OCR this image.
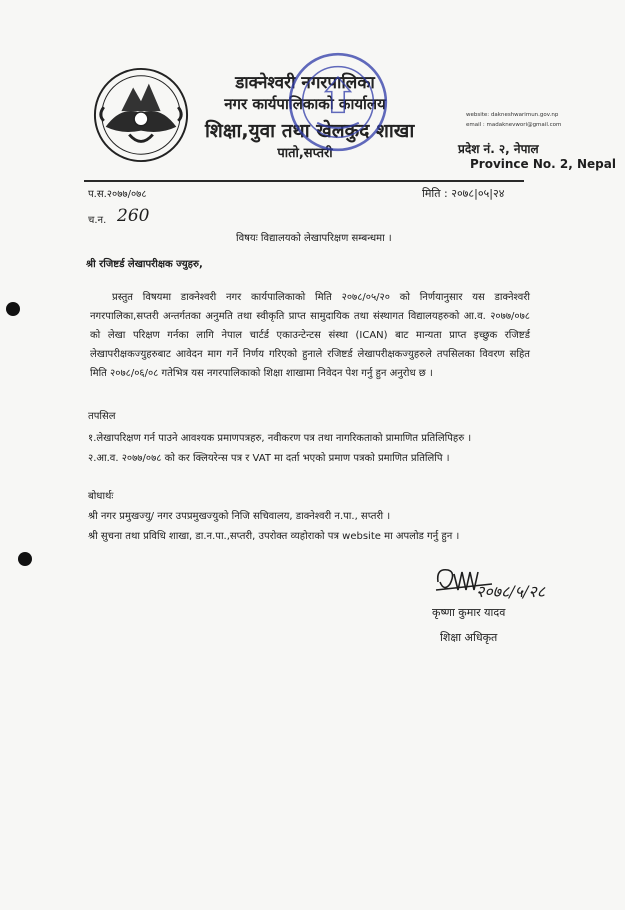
डाक्नेश्वरी नगरपालिका
नगर कार्यपालिकाको कार्यालय
शिक्षा,युवा तथा खेलकुद शाखा
पातो,सप्तरी
website: dakneshwarimun.gov.np
email : madaknevwori@gmail.com
प्रदेश नं. २, नेपाल
Province No. 2, Nepal
प.स.२०७७/०७८	मिति : २०७८|०५|२४
च.न. 260
विषयः विद्यालयको लेखापरिक्षण सम्बन्धमा ।
श्री रजिष्टर्ड लेखापरीक्षक ज्युहरु,

प्रस्तुत विषयमा डाक्नेश्वरी नगर कार्यपालिकाको मिति २०७८/०५/२० को निर्णयानुसार यस डाक्नेश्वरी नगरपालिका,सप्तरी अन्तर्गतका अनुमति तथा स्वीकृति प्राप्त सामुदायिक तथा संस्थागत विद्यालयहरुको आ.व. २०७७/०७८ को लेखा परिक्षण गर्नका लागि नेपाल चार्टर्ड एकाउन्टेन्टस संस्था (ICAN) बाट मान्यता प्राप्त इच्छुक रजिष्टर्ड लेखापरीक्षकज्युहरुबाट आवेदन माग गर्ने निर्णय गरिएको हुनाले रजिष्टर्ड लेखापरीक्षकज्युहरुले तपसिलका विवरण सहित मिति २०७८/०६/०८ गतेभित्र यस नगरपालिकाको शिक्षा शाखामा निवेदन पेश गर्नु हुन अनुरोध छ ।

तपसिल
१.लेखापरिक्षण गर्न पाउने आवश्यक प्रमाणपत्रहरु, नवीकरण पत्र तथा नागरिकताको प्रामाणित प्रतिलिपिहरु ।
२.आ.व. २०७७/०७८ को कर क्लियरेन्स पत्र र VAT मा दर्ता भएको प्रमाण पत्रको प्रमाणित प्रतिलिपि ।
बोधार्थः
श्री नगर प्रमुखज्यु/ नगर उपप्रमुखज्युको निजि सचिवालय, डाक्नेश्वरी न.पा., सप्तरी ।
श्री सुचना तथा प्रविधि शाखा, डा.न.पा.,सप्तरी, उपरोक्त व्यहोराको पत्र website मा अपलोड गर्नु हुन ।
२०७८/५/२८
कृष्णा कुमार यादव
शिक्षा अधिकृत
